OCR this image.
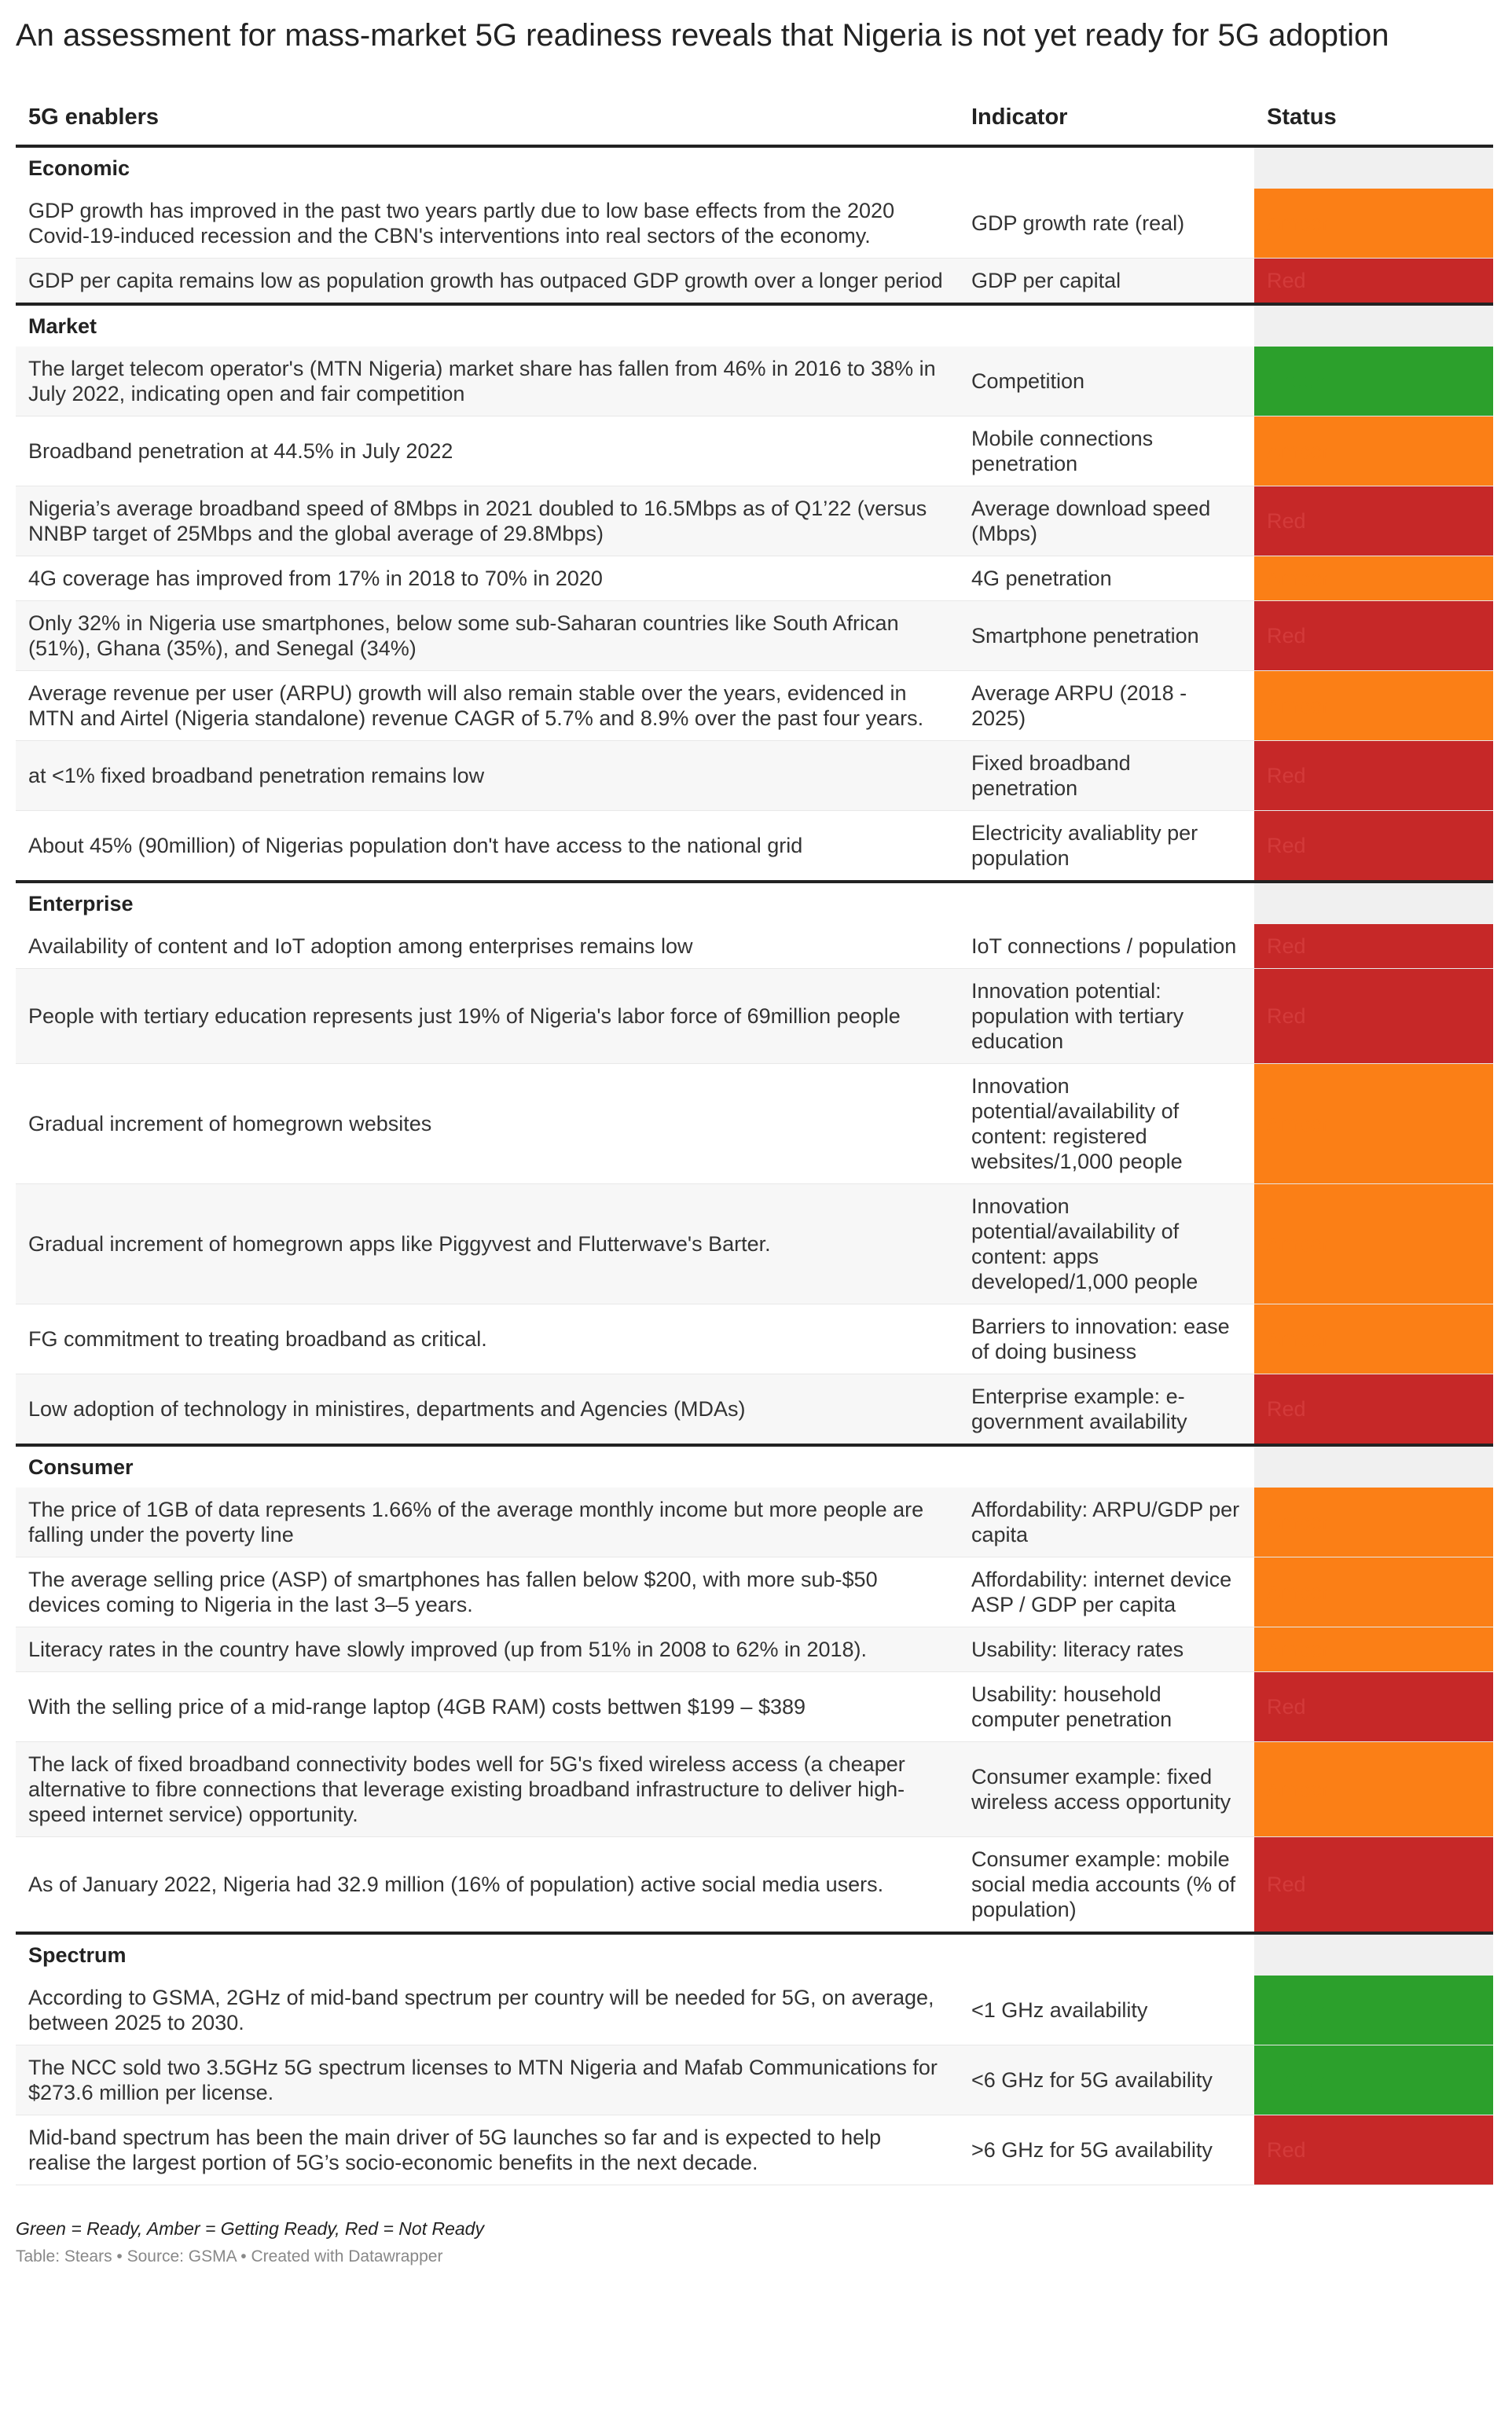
An assessment for mass-market 5G readiness reveals that Nigeria is not yet ready for 5G adoption
5G enablers	Indicator	Status
Economic		
GDP growth has improved in the past two years partly due to low base effects from the 2020 Covid-19-induced recession and the CBN's interventions into real sectors of the economy.	GDP growth rate (real)	Amber
GDP per capita remains low as population growth has outpaced GDP growth over a longer period	GDP per capital	Red
Market		
The larget telecom operator's (MTN Nigeria) market share has fallen from 46% in 2016 to 38% in July 2022, indicating open and fair competition	Competition	Green
Broadband penetration at 44.5% in July 2022	Mobile connections penetration	Amber
Nigeria’s average broadband speed of 8Mbps in 2021 doubled to 16.5Mbps as of Q1’22 (versus NNBP target of 25Mbps and the global average of 29.8Mbps)	Average download speed (Mbps)	Red
4G coverage has improved from 17% in 2018 to 70% in 2020	4G penetration	Amber
Only 32% in Nigeria use smartphones, below some sub-Saharan countries like South African (51%), Ghana (35%), and Senegal (34%)	Smartphone penetration	Red
Average revenue per user (ARPU) growth will also remain stable over the years, evidenced in MTN and Airtel (Nigeria standalone) revenue CAGR of 5.7% and 8.9% over the past four years.	Average ARPU (2018 - 2025)	Amber
at <1% fixed broadband penetration remains low	Fixed broadband penetration	Red
About 45% (90million) of Nigerias population don't have access to the national grid	Electricity avaliablity per population	Red
Enterprise		
Availability of content and IoT adoption among enterprises remains low	IoT connections / population	Red
People with tertiary education represents just 19% of Nigeria's labor force of 69million people	Innovation potential: population with tertiary education	Red
Gradual increment of homegrown websites	Innovation potential/availability of content: registered websites/1,000 people	Amber
Gradual increment of homegrown apps like Piggyvest and Flutterwave's Barter.	Innovation potential/availability of content: apps developed/1,000 people	Amber
FG commitment to treating broadband as critical.	Barriers to innovation: ease of doing business	Amber
Low adoption of technology in ministires, departments and Agencies (MDAs)	Enterprise example: e-government availability	Red
Consumer		
The price of 1GB of data represents 1.66% of the average monthly income but more people are falling under the poverty line	Affordability: ARPU/GDP per capita	Amber
The average selling price (ASP) of smartphones has fallen below $200, with more sub-$50 devices coming to Nigeria in the last 3–5 years.	Affordability: internet device ASP / GDP per capita	Amber
Literacy rates in the country have slowly improved (up from 51% in 2008 to 62% in 2018).	Usability: literacy rates	Amber
With the selling price of a mid-range laptop (4GB RAM) costs bettwen $199 – $389	Usability: household computer penetration	Red
The lack of fixed broadband connectivity bodes well for 5G's fixed wireless access (a cheaper alternative to fibre connections that leverage existing broadband infrastructure to deliver high-speed internet service) opportunity.	Consumer example: fixed wireless access opportunity	Amber
As of January 2022, Nigeria had 32.9 million (16% of population) active social media users.	Consumer example: mobile social media accounts (% of population)	Red
Spectrum		
According to GSMA, 2GHz of mid-band spectrum per country will be needed for 5G, on average, between 2025 to 2030.	<1 GHz availability	Green
The NCC sold two 3.5GHz 5G spectrum licenses to MTN Nigeria and Mafab Communications for $273.6 million per license.	<6 GHz for 5G availability	Green
Mid-band spectrum has been the main driver of 5G launches so far and is expected to help realise the largest portion of 5G’s socio-economic benefits in the next decade.	>6 GHz for 5G availability	Red
Green = Ready, Amber = Getting Ready, Red = Not Ready
Table: Stears • Source: GSMA • Created with Datawrapper
